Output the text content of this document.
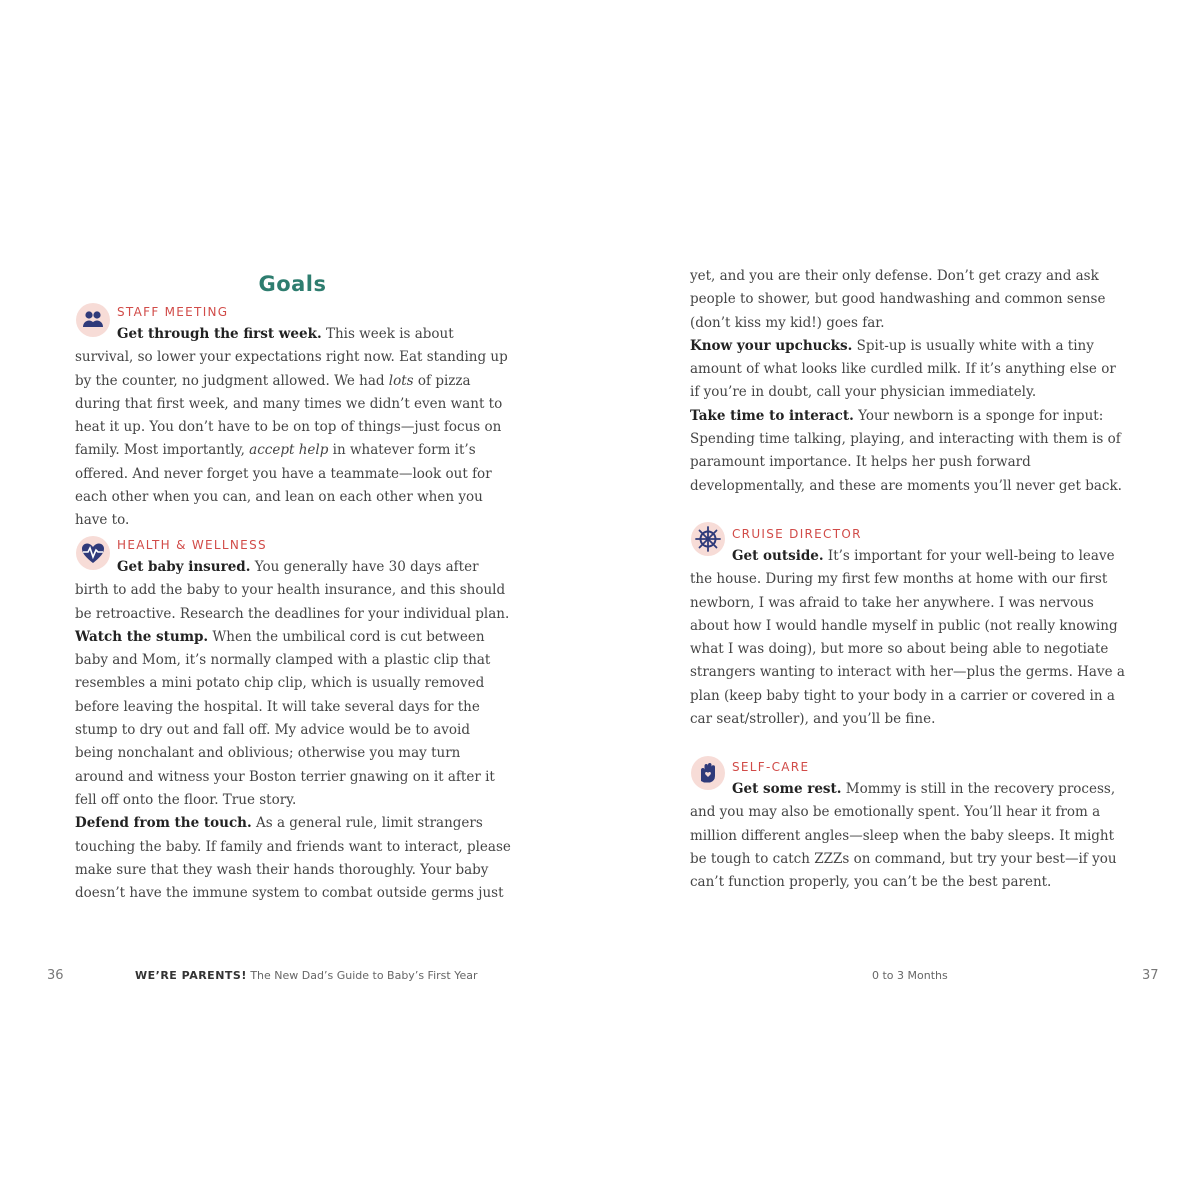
Goals
STAFF MEETING

Get through the first week. This week is about survival, so lower your expectations right now. Eat standing up by the counter, no judgment allowed. We had lots of pizza during that first week, and many times we didn’t even want to heat it up. You don’t have to be on top of things—just focus on family. Most importantly, accept help in whatever form it’s offered. And never forget you have a teammate—look out for each other when you can, and lean on each other when you have to.

HEALTH & WELLNESS

Get baby insured. You generally have 30 days after birth to add the baby to your health insurance, and this should be retroactive. Research the deadlines for your individual plan.

Watch the stump. When the umbilical cord is cut between baby and Mom, it’s normally clamped with a plastic clip that resembles a mini potato chip clip, which is usually removed before leaving the hospital. It will take several days for the stump to dry out and fall off. My advice would be to avoid being nonchalant and oblivious; otherwise you may turn around and witness your Boston terrier gnawing on it after it fell off onto the floor. True story.

Defend from the touch. As a general rule, limit strangers touching the baby. If family and friends want to interact, please make sure that they wash their hands thoroughly. Your baby doesn’t have the immune system to combat outside germs just

36	WE’RE PARENTS! The New Dad’s Guide to Baby’s First Year

yet, and you are their only defense. Don’t get crazy and ask people to shower, but good handwashing and common sense (don’t kiss my kid!) goes far.

Know your upchucks. Spit-up is usually white with a tiny amount of what looks like curdled milk. If it’s anything else or if you’re in doubt, call your physician immediately.

Take time to interact. Your newborn is a sponge for input: Spending time talking, playing, and interacting with them is of paramount importance. It helps her push forward developmentally, and these are moments you’ll never get back.

CRUISE DIRECTOR

Get outside. It’s important for your well-being to leave the house. During my first few months at home with our first newborn, I was afraid to take her anywhere. I was nervous about how I would handle myself in public (not really knowing what I was doing), but more so about being able to negotiate strangers wanting to interact with her—plus the germs. Have a plan (keep baby tight to your body in a carrier or covered in a car seat/stroller), and you’ll be fine.

SELF-CARE

Get some rest. Mommy is still in the recovery process, and you may also be emotionally spent. You’ll hear it from a million different angles—sleep when the baby sleeps. It might be tough to catch ZZZs on command, but try your best—if you can’t function properly, you can’t be the best parent.

0 to 3 Months	37
